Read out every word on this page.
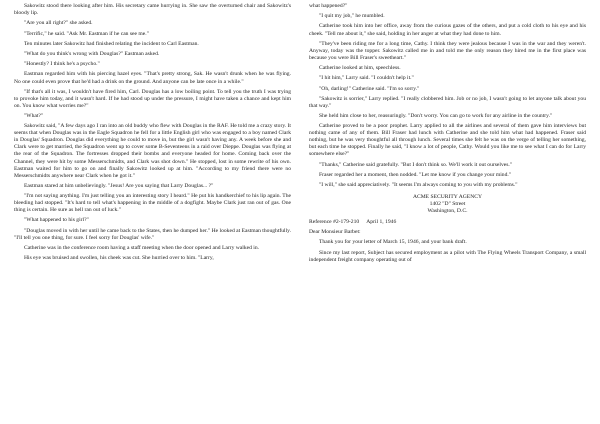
Sakowitz stood there looking after him. His secretary came hurrying in. She saw the overturned chair and Sakowitz's bloody lip.

"Are you all right?" she asked.

"Terrific," he said. "Ask Mr. Eastman if he can see me."

Ten minutes later Sakowitz had finished relating the incident to Carl Eastman.

"What do you think's wrong with Douglas?" Eastman asked.

"Honestly? I think he's a psycho."

Eastman regarded him with his piercing hazel eyes. "That's pretty strong, Sak. He wasn't drunk when he was flying. No one could even prove that he'd had a drink on the ground. And anyone can be late once in a while."

"If that's all it was, I wouldn't have fired him, Carl. Douglas has a low boiling point. To tell you the truth I was trying to provoke him today, and it wasn't hard. If he had stood up under the pressure, I might have taken a chance and kept him on. You know what worries me?"

"What?"

Sakowitz said, "A few days ago I ran into an old buddy who flew with Douglas in the RAF. He told me a crazy story. It seems that when Douglas was in the Eagle Squadron he fell for a little English girl who was engaged to a boy named Clark in Douglas' Squadron. Douglas did everything he could to move in, but the girl wasn't having any. A week before she and Clark were to get married, the Squadron went up to cover some B-Seventeens in a raid over Dieppe. Douglas was flying at the rear of the Squadron. The fortresses dropped their bombs and everyone headed for home. Coming back over the Channel, they were hit by some Messerschmidts, and Clark was shot down." He stopped, lost in some rewrite of his own. Eastman waited for him to go on and finally Sakowitz looked up at him. "According to my friend there were no Messerschmidts anywhere near Clark when he got it."

Eastman stared at him unbelievingly. "Jesus! Are you saying that Larry Douglas... ?"

"I'm not saying anything. I'm just telling you an interesting story I heard." He put his handkerchief to his lip again. The bleeding had stopped. "It's hard to tell what's happening in the middle of a dogfight. Maybe Clark just ran out of gas. One thing is certain. He sure as hell ran out of luck."

"What happened to his girl?"

"Douglas moved in with her until he came back to the States, then he dumped her." He looked at Eastman thoughtfully. "I'll tell you one thing, for sure. I feel sorry for Douglas' wife."

Catherine was in the conference room having a staff meeting when the door opened and Larry walked in.

His eye was bruised and swollen, his cheek was cut. She hurried over to him. "Larry,

what happened?"

"I quit my job," he mumbled.

Catherine took him into her office, away from the curious gazes of the others, and put a cold cloth to his eye and his cheek. "Tell me about it," she said, holding in her anger at what they had done to him.

"They've been riding me for a long time, Cathy. I think they were jealous because I was in the war and they weren't. Anyway, today was the topper. Sakowitz called me in and told me the only reason they hired me in the first place was because you were Bill Fraser's sweetheart."

Catherine looked at him, speechless.

"I hit him," Larry said. "I couldn't help it."

"Oh, darling!" Catherine said. "I'm so sorry."

"Sakowitz is sorrier," Larry replied. "I really clobbered him. Job or no job, I wasn't going to let anyone talk about you that way."

She held him close to her, reassuringly. "Don't worry. You can go to work for any airline in the country."

Catherine proved to be a poor prophet. Larry applied to all the airlines and several of them gave him interviews but nothing came of any of them. Bill Fraser had lunch with Catherine and she told him what had happened. Fraser said nothing, but he was very thoughtful all through lunch. Several times she felt he was on the verge of telling her something, but each time he stopped. Finally he said, "I know a lot of people, Cathy. Would you like me to see what I can do for Larry somewhere else?"

"Thanks," Catherine said gratefully. "But I don't think so. We'll work it out ourselves."

Fraser regarded her a moment, then nodded. "Let me know if you change your mind."

"I will," she said appreciatively. "It seems I'm always coming to you with my problems."

ACME SECURITY AGENCY
1402 "D" Street
Washington, D.C.
Reference #2-179-210 April 1, 1946
Dear Monsieur Barbet:

Thank you for your letter of March 15, 1946, and your bank draft.

Since my last report, Subject has secured employment as a pilot with The Flying Wheels Transport Company, a small independent freight company operating out of
